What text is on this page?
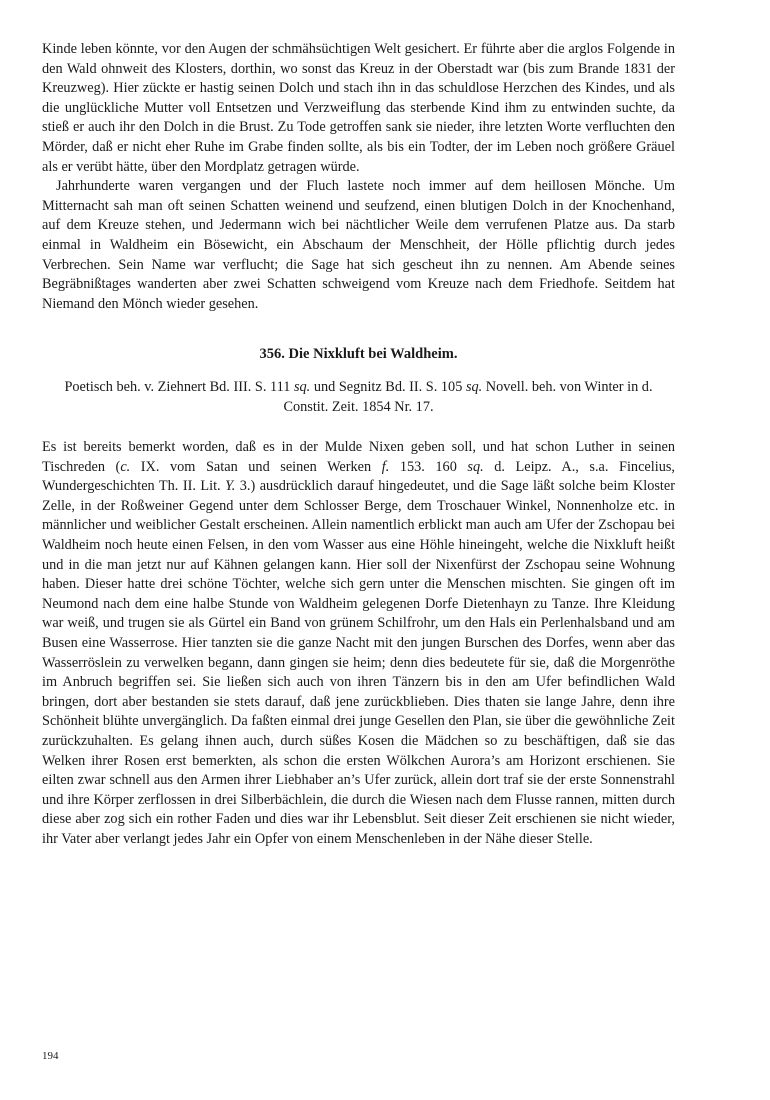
Kinde leben könnte, vor den Augen der schmähsüchtigen Welt gesichert. Er führte aber die arglos Folgende in den Wald ohnweit des Klosters, dorthin, wo sonst das Kreuz in der Oberstadt war (bis zum Brande 1831 der Kreuzweg). Hier zückte er hastig seinen Dolch und stach ihn in das schuldlose Herzchen des Kindes, und als die unglückliche Mutter voll Entsetzen und Verzweiflung das sterbende Kind ihm zu entwinden suchte, da stieß er auch ihr den Dolch in die Brust. Zu Tode getroffen sank sie nieder, ihre letzten Worte verfluchten den Mörder, daß er nicht eher Ruhe im Grabe finden sollte, als bis ein Todter, der im Leben noch größere Gräuel als er verübt hätte, über den Mordplatz getragen würde.

Jahrhunderte waren vergangen und der Fluch lastete noch immer auf dem heillosen Mönche. Um Mitternacht sah man oft seinen Schatten weinend und seufzend, einen blutigen Dolch in der Knochenhand, auf dem Kreuze stehen, und Jedermann wich bei nächtlicher Weile dem verrufenen Platze aus. Da starb einmal in Waldheim ein Bösewicht, ein Abschaum der Menschheit, der Hölle pflichtig durch jedes Verbrechen. Sein Name war verflucht; die Sage hat sich gescheut ihn zu nennen. Am Abende seines Begräbnißtages wanderten aber zwei Schatten schweigend vom Kreuze nach dem Friedhofe. Seitdem hat Niemand den Mönch wieder gesehen.

356. Die Nixkluft bei Waldheim.

Poetisch beh. v. Ziehnert Bd. III. S. 111 sq. und Segnitz Bd. II. S. 105 sq. Novell. beh. von Winter in d. Constit. Zeit. 1854 Nr. 17.

Es ist bereits bemerkt worden, daß es in der Mulde Nixen geben soll, und hat schon Luther in seinen Tischreden (c. IX. vom Satan und seinen Werken f. 153. 160 sq. d. Leipz. A., s.a. Fincelius, Wundergeschichten Th. II. Lit. Y. 3.) ausdrücklich darauf hingedeutet, und die Sage läßt solche beim Kloster Zelle, in der Roßweiner Gegend unter dem Schlosser Berge, dem Troschauer Winkel, Nonnenholze etc. in männlicher und weiblicher Gestalt erscheinen. Allein namentlich erblickt man auch am Ufer der Zschopau bei Waldheim noch heute einen Felsen, in den vom Wasser aus eine Höhle hineingeht, welche die Nixkluft heißt und in die man jetzt nur auf Kähnen gelangen kann. Hier soll der Nixenfürst der Zschopau seine Wohnung haben. Dieser hatte drei schöne Töchter, welche sich gern unter die Menschen mischten. Sie gingen oft im Neumond nach dem eine halbe Stunde von Waldheim gelegenen Dorfe Dietenhayn zu Tanze. Ihre Kleidung war weiß, und trugen sie als Gürtel ein Band von grünem Schilfrohr, um den Hals ein Perlenhalsband und am Busen eine Wasserrose. Hier tanzten sie die ganze Nacht mit den jungen Burschen des Dorfes, wenn aber das Wasserröslein zu verwelken begann, dann gingen sie heim; denn dies bedeutete für sie, daß die Morgenröthe im Anbruch begriffen sei. Sie ließen sich auch von ihren Tänzern bis in den am Ufer befindlichen Wald bringen, dort aber bestanden sie stets darauf, daß jene zurückblieben. Dies thaten sie lange Jahre, denn ihre Schönheit blühte unvergänglich. Da faßten einmal drei junge Gesellen den Plan, sie über die gewöhnliche Zeit zurückzuhalten. Es gelang ihnen auch, durch süßes Kosen die Mädchen so zu beschäftigen, daß sie das Welken ihrer Rosen erst bemerkten, als schon die ersten Wölkchen Aurora’s am Horizont erschienen. Sie eilten zwar schnell aus den Armen ihrer Liebhaber an’s Ufer zurück, allein dort traf sie der erste Sonnenstrahl und ihre Körper zerflossen in drei Silberbächlein, die durch die Wiesen nach dem Flusse rannen, mitten durch diese aber zog sich ein rother Faden und dies war ihr Lebensblut. Seit dieser Zeit erschienen sie nicht wieder, ihr Vater aber verlangt jedes Jahr ein Opfer von einem Menschenleben in der Nähe dieser Stelle.

194
